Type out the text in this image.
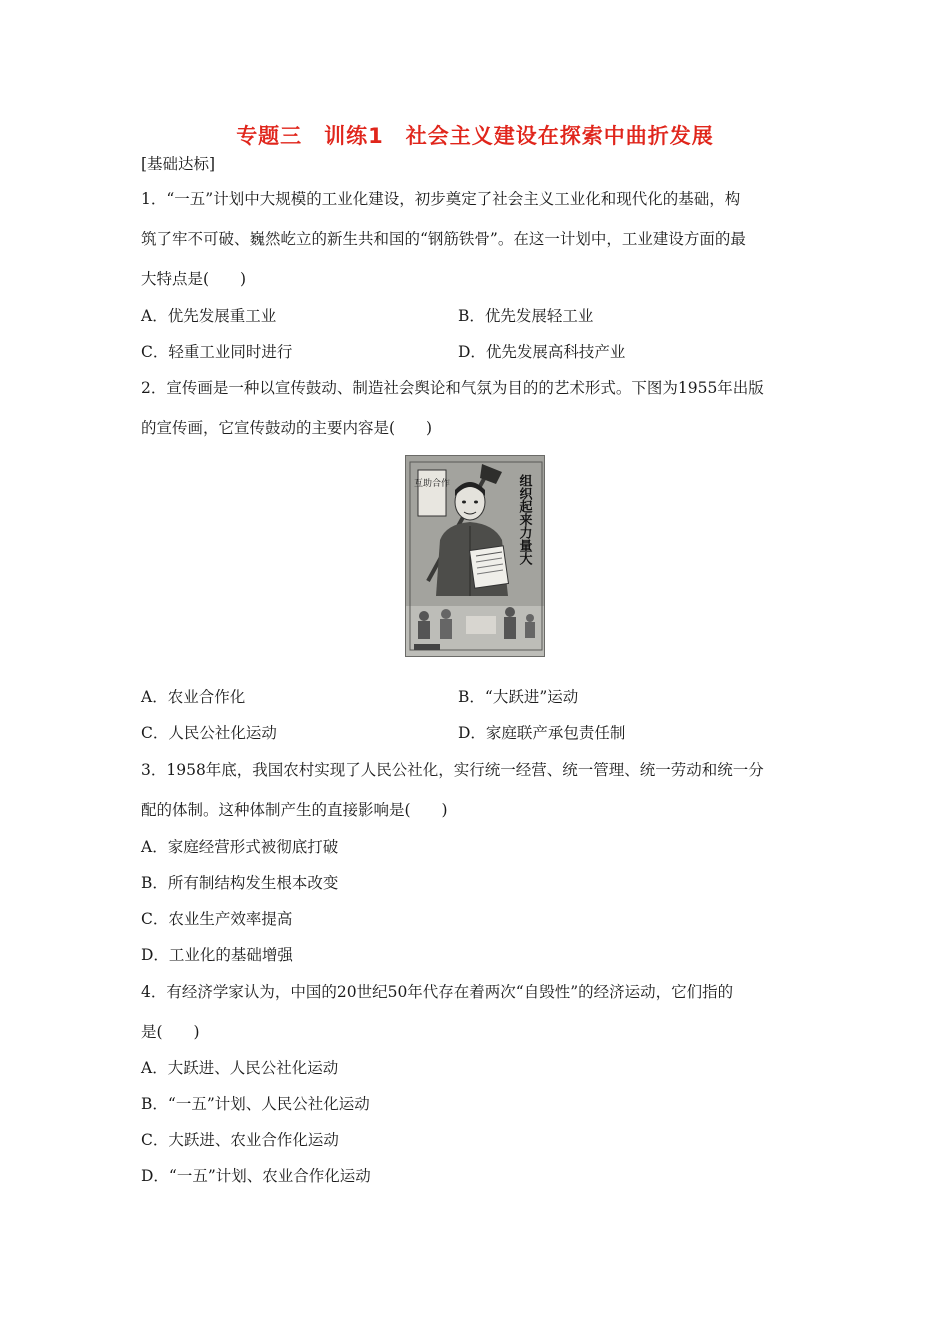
专题三　训练1　社会主义建设在探索中曲折发展
[基础达标]
1．“一五”计划中大规模的工业化建设，初步奠定了社会主义工业化和现代化的基础，构
筑了牢不可破、巍然屹立的新生共和国的“钢筋铁骨”。在这一计划中，工业建设方面的最
大特点是(　　)
A．优先发展重工业	B．优先发展轻工业
C．轻重工业同时进行	D．优先发展高科技产业
2．宣传画是一种以宣传鼓动、制造社会舆论和气氛为目的的艺术形式。下图为1955年出版
的宣传画，它宣传鼓动的主要内容是(　　)
互助合作	组织起来力量大
A．农业合作化	B．“大跃进”运动
C．人民公社化运动	D．家庭联产承包责任制
3．1958年底，我国农村实现了人民公社化，实行统一经营、统一管理、统一劳动和统一分
配的体制。这种体制产生的直接影响是(　　)
A．家庭经营形式被彻底打破
B．所有制结构发生根本改变
C．农业生产效率提高
D．工业化的基础增强
4．有经济学家认为，中国的20世纪50年代存在着两次“自毁性”的经济运动，它们指的
是(　　)
A．大跃进、人民公社化运动
B．“一五”计划、人民公社化运动
C．大跃进、农业合作化运动
D．“一五”计划、农业合作化运动
